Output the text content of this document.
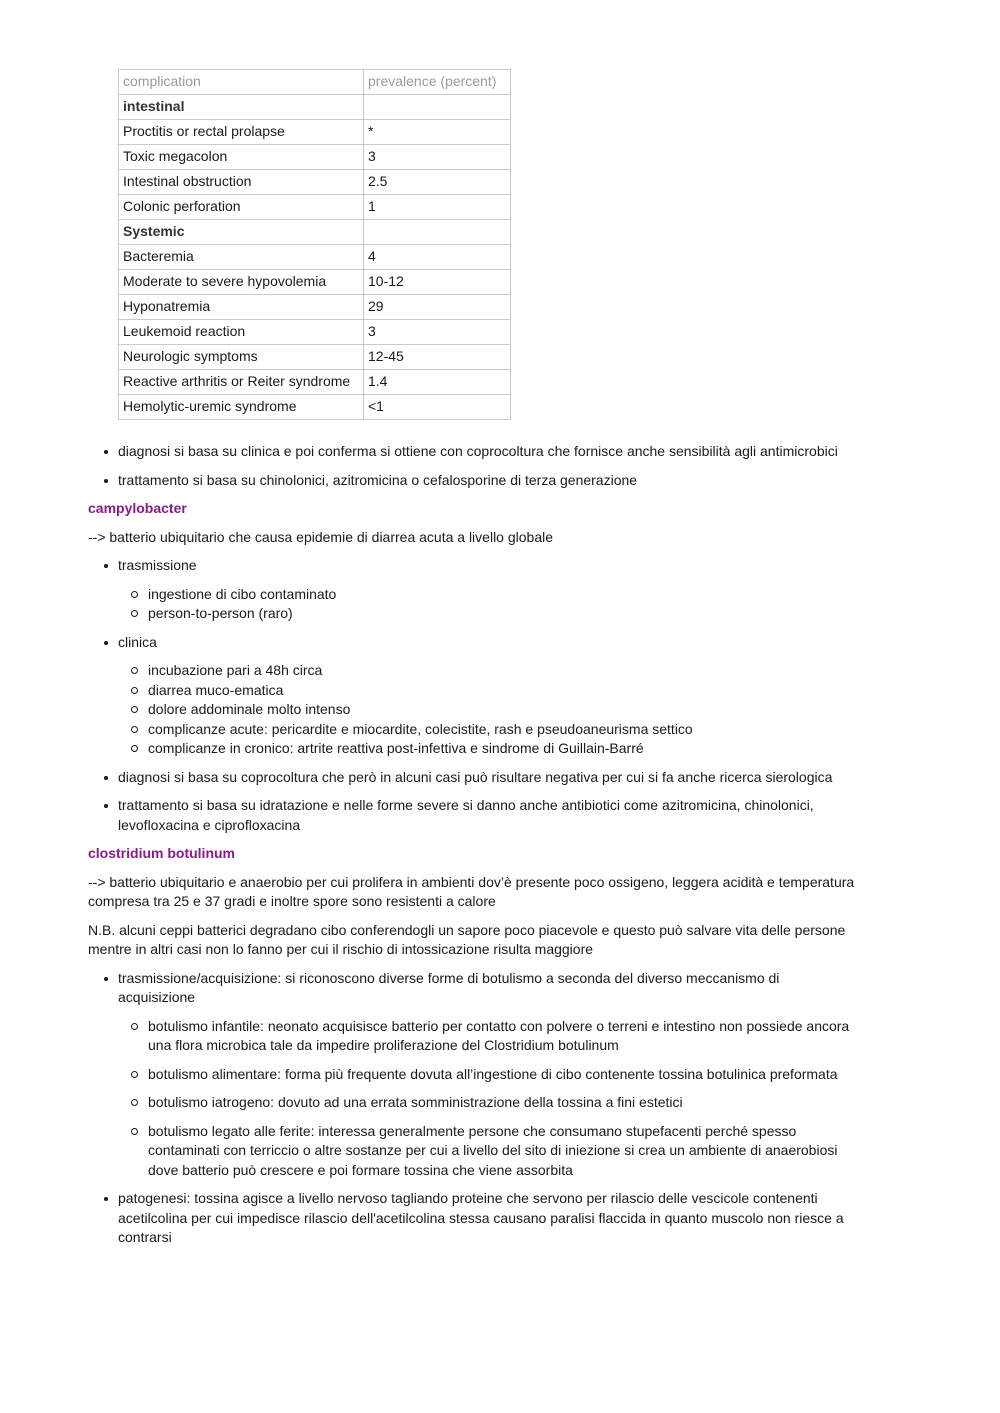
complication	prevalence (percent)
intestinal	
Proctitis or rectal prolapse	*
Toxic megacolon	3
Intestinal obstruction	2.5
Colonic perforation	1
Systemic	
Bacteremia	4
Moderate to severe hypovolemia	10-12
Hyponatremia	29
Leukemoid reaction	3
Neurologic symptoms	12-45
Reactive arthritis or Reiter syndrome	1.4
Hemolytic-uremic syndrome	<1
diagnosi si basa su clinica e poi conferma si ottiene con coprocoltura che fornisce anche sensibilità agli antimicrobici
trattamento si basa su chinolonici, azitromicina o cefalosporine di terza generazione

campylobacter

--> batterio ubiquitario che causa epidemie di diarrea acuta a livello globale

trasmissione
ingestione di cibo contaminato
person-to-person (raro)
clinica
incubazione pari a 48h circa
diarrea muco-ematica
dolore addominale molto intenso
complicanze acute: pericardite e miocardite, colecistite, rash e pseudoaneurisma settico
complicanze in cronico: artrite reattiva post-infettiva e sindrome di Guillain-Barré
diagnosi si basa su coprocoltura che però in alcuni casi può risultare negativa per cui si fa anche ricerca sierologica
trattamento si basa su idratazione e nelle forme severe si danno anche antibiotici come azitromicina, chinolonici, levofloxacina e ciprofloxacina

clostridium botulinum

--> batterio ubiquitario e anaerobio per cui prolifera in ambienti dov’è presente poco ossigeno, leggera acidità e temperatura compresa tra 25 e 37 gradi e inoltre spore sono resistenti a calore

N.B. alcuni ceppi batterici degradano cibo conferendogli un sapore poco piacevole e questo può salvare vita delle persone mentre in altri casi non lo fanno per cui il rischio di intossicazione risulta maggiore

trasmissione/acquisizione: si riconoscono diverse forme di botulismo a seconda del diverso meccanismo di acquisizione
botulismo infantile: neonato acquisisce batterio per contatto con polvere o terreni e intestino non possiede ancora una flora microbica tale da impedire proliferazione del Clostridium botulinum
botulismo alimentare: forma più frequente dovuta all’ingestione di cibo contenente tossina botulinica preformata
botulismo iatrogeno: dovuto ad una errata somministrazione della tossina a fini estetici
botulismo legato alle ferite: interessa generalmente persone che consumano stupefacenti perché spesso contaminati con terriccio o altre sostanze per cui a livello del sito di iniezione si crea un ambiente di anaerobiosi dove batterio può crescere e poi formare tossina che viene assorbita
patogenesi: tossina agisce a livello nervoso tagliando proteine che servono per rilascio delle vescicole contenenti acetilcolina per cui impedisce rilascio dell'acetilcolina stessa causano paralisi flaccida in quanto muscolo non riesce a contrarsi
